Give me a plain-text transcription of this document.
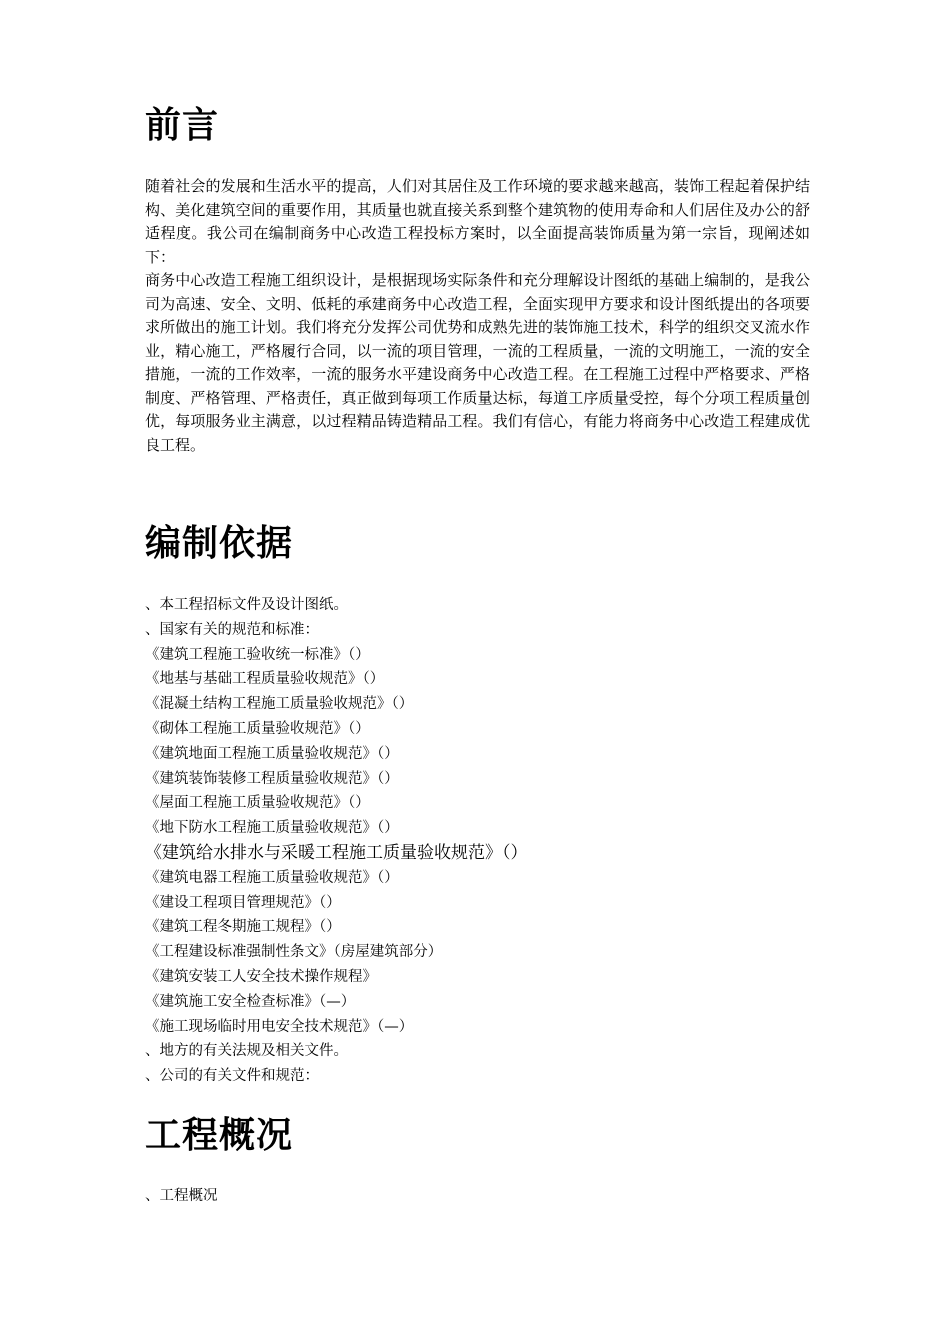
前言

随着社会的发展和生活水平的提高，人们对其居住及工作环境的要求越来越高，装饰工程起着保护结构、美化建筑空间的重要作用，其质量也就直接关系到整个建筑物的使用寿命和人们居住及办公的舒适程度。我公司在编制商务中心改造工程投标方案时，以全面提高装饰质量为第一宗旨，现阐述如下：

商务中心改造工程施工组织设计，是根据现场实际条件和充分理解设计图纸的基础上编制的，是我公司为高速、安全、文明、低耗的承建商务中心改造工程，全面实现甲方要求和设计图纸提出的各项要求所做出的施工计划。我们将充分发挥公司优势和成熟先进的装饰施工技术，科学的组织交叉流水作业，精心施工，严格履行合同，以一流的项目管理，一流的工程质量，一流的文明施工，一流的安全措施，一流的工作效率，一流的服务水平建设商务中心改造工程。在工程施工过程中严格要求、严格制度、严格管理、严格责任，真正做到每项工作质量达标，每道工序质量受控，每个分项工程质量创优，每项服务业主满意，以过程精品铸造精品工程。我们有信心，有能力将商务中心改造工程建成优良工程。

编制依据
、本工程招标文件及设计图纸。
、国家有关的规范和标准：
《建筑工程施工验收统一标准》（）
《地基与基础工程质量验收规范》（）
《混凝土结构工程施工质量验收规范》（）
《砌体工程施工质量验收规范》（）
《建筑地面工程施工质量验收规范》（）
《建筑装饰装修工程质量验收规范》（）
《屋面工程施工质量验收规范》（）
《地下防水工程施工质量验收规范》（）
《建筑给水排水与采暖工程施工质量验收规范》（）
《建筑电器工程施工质量验收规范》（）
《建设工程项目管理规范》（）
《建筑工程冬期施工规程》（）
《工程建设标准强制性条文》（房屋建筑部分）
《建筑安装工人安全技术操作规程》
《建筑施工安全检查标准》（—）
《施工现场临时用电安全技术规范》（—）
、地方的有关法规及相关文件。
、公司的有关文件和规范：
工程概况

、工程概况
